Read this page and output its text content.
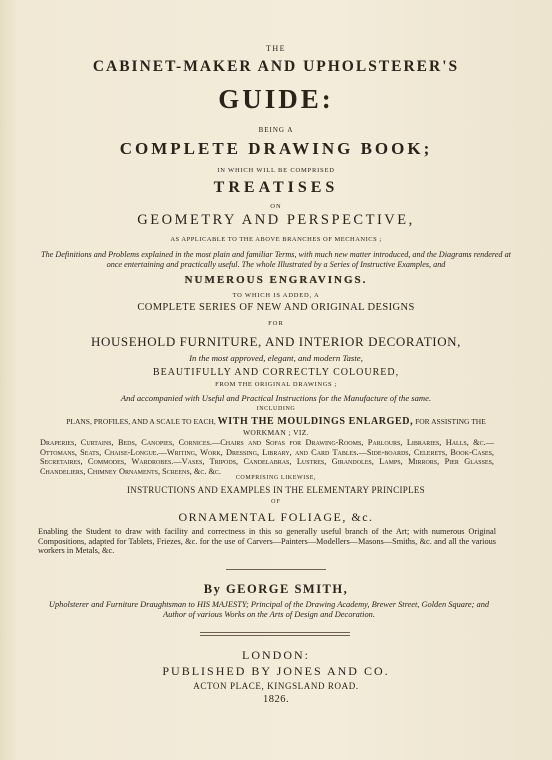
THE
CABINET-MAKER AND UPHOLSTERER'S
GUIDE:
BEING A
COMPLETE DRAWING BOOK;
IN WHICH WILL BE COMPRISED
TREATISES
ON
GEOMETRY AND PERSPECTIVE,
AS APPLICABLE TO THE ABOVE BRANCHES OF MECHANICS ;
The Definitions and Problems explained in the most plain and familiar Terms, with much new matter introduced, and the Diagrams rendered at once entertaining and practically useful. The whole Illustrated by a Series of Instructive Examples, and
NUMEROUS ENGRAVINGS.
TO WHICH IS ADDED, A
COMPLETE SERIES OF NEW AND ORIGINAL DESIGNS
FOR
HOUSEHOLD FURNITURE, AND INTERIOR DECORATION,
In the most approved, elegant, and modern Taste,
BEAUTIFULLY AND CORRECTLY COLOURED,
FROM THE ORIGINAL DRAWINGS ;
And accompanied with Useful and Practical Instructions for the Manufacture of the same.
INCLUDING
PLANS, PROFILES, AND A SCALE TO EACH, WITH THE MOULDINGS ENLARGED, FOR ASSISTING THE
WORKMAN ; VIZ.
Draperies, Curtains, Beds, Canopies, Cornices.—Chairs and Sofas for Drawing-Rooms, Parlours, Libraries, Halls, &c.—Ottomans, Seats, Chaise-Longue.—Writing, Work, Dressing, Library, and Card Tables.—Side-boards, Celerets, Book-Cases, Secretaires, Commodes, Wardrobes.—Vases, Tripods, Candelabras, Lustres, Girandoles, Lamps, Mirrors, Pier Glasses, Chandeliers, Chimney Ornaments, Screens, &c. &c.
COMPRISING LIKEWISE,
INSTRUCTIONS AND EXAMPLES IN THE ELEMENTARY PRINCIPLES
OF
ORNAMENTAL FOLIAGE, &c.
Enabling the Student to draw with facility and correctness in this so generally useful branch of the Art; with numerous Original Compositions, adapted for Tablets, Friezes, &c. for the use of Carvers—Painters—Modellers—Masons—Smiths, &c. and all the various workers in Metals, &c.
By GEORGE SMITH,
Upholsterer and Furniture Draughtsman to HIS MAJESTY; Principal of the Drawing Academy, Brewer Street, Golden Square; and Author of various Works on the Arts of Design and Decoration.
LONDON:
PUBLISHED BY JONES AND CO.
ACTON PLACE, KINGSLAND ROAD.
1826.
